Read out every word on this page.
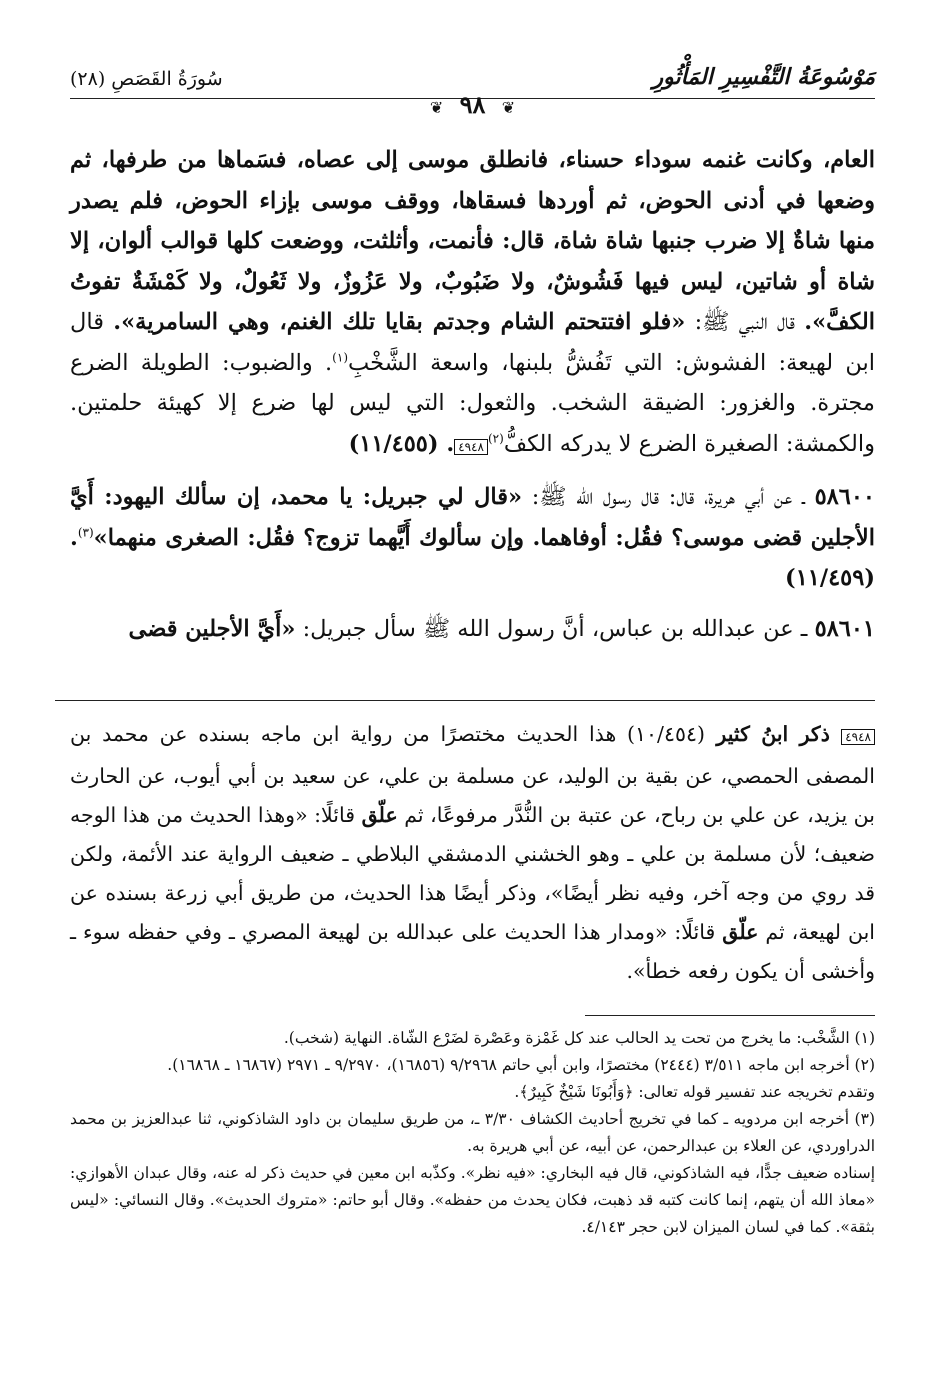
مَوْسُوعَةُ التَّفْسِيرِ المَأْثُورِ
سُورَةُ القَصَصِ (٢٨)
❦ ٩٨ ❦

العام، وكانت غنمه سوداء حسناء، فانطلق موسى إلى عصاه، فسَماها من طرفها، ثم وضعها في أدنى الحوض، ثم أوردها فسقاها، ووقف موسى بإزاء الحوض، فلم يصدر منها شاةٌ إلا ضرب جنبها شاة شاة، قال: فأنمت، وأثلثت، ووضعت كلها قوالب ألوان، إلا شاة أو شاتين، ليس فيها فَشُوشٌ، ولا ضَبُوبٌ، ولا عَزُوزٌ، ولا ثَعُولٌ، ولا كَمْشَةٌ تفوتُ الكفَّ». قال النبي ﷺ: «فلو افتتحتم الشام وجدتم بقايا تلك الغنم، وهي السامرية». قال ابن لهيعة: الفشوش: التي تَفُشُّ بلبنها، واسعة الشَّخْبِ$^{(١)}$. والضبوب: الطويلة الضرع مجترة. والغزور: الضيقة الشخب. والثعول: التي ليس لها ضرع إلا كهيئة حلمتين. والكمشة: الصغيرة الضرع لا يدركه الكفُّ$^{(٢)}$٤٩٤٨. (١١/٤٥٥)

٥٨٦٠٠ ـ عن أبي هريرة، قال: قال رسول الله ﷺ: «قال لي جبريل: يا محمد، إن سألك اليهود: أَيَّ الأجلين قضى موسى؟ فقُل: أوفاهما. وإن سألوك أَيَّهما تزوج؟ فقُل: الصغرى منهما»$^{(٣)}$. (١١/٤٥٩)

٥٨٦٠١ ـ عن عبدالله بن عباس، أنَّ رسول الله ﷺ سأل جبريل: «أَيَّ الأجلين قضى

٤٩٤٨ ذكر ابنُ كثير (١٠/٤٥٤) هذا الحديث مختصرًا من رواية ابن ماجه بسنده عن محمد بن المصفى الحمصي، عن بقية بن الوليد، عن مسلمة بن علي، عن سعيد بن أبي أيوب، عن الحارث بن يزيد، عن علي بن رباح، عن عتبة بن النُّدَّر مرفوعًا، ثم علّق قائلًا: «وهذا الحديث من هذا الوجه ضعيف؛ لأن مسلمة بن علي ـ وهو الخشني الدمشقي البلاطي ـ ضعيف الرواية عند الأئمة، ولكن قد روي من وجه آخر، وفيه نظر أيضًا»، وذكر أيضًا هذا الحديث، من طريق أبي زرعة بسنده عن ابن لهيعة، ثم علّق قائلًا: «ومدار هذا الحديث على عبدالله بن لهيعة المصري ـ وفي حفظه سوء ـ وأخشى أن يكون رفعه خطأ».

(١) الشَّخْب: ما يخرج من تحت يد الحالب عند كل غَمْزة وعَصْرة لضَرْع الشّاة. النهاية (شخب).

(٢) أخرجه ابن ماجه ٣/٥١١ (٢٤٤٤) مختصرًا، وابن أبي حاتم ٩/٢٩٦٨ (١٦٨٥٦)، ٩/٢٩٧٠ ـ ٢٩٧١ (١٦٨٦٧ ـ ١٦٨٦٨).

وتقدم تخريجه عند تفسير قوله تعالى: ﴿وَأَبُونَا شَيْخٌ كَبِيرٌ﴾.

(٣) أخرجه ابن مردويه ـ كما في تخريج أحاديث الكشاف ٣/٣٠ ـ، من طريق سليمان بن داود الشاذكوني، ثنا عبدالعزيز بن محمد الدراوردي، عن العلاء بن عبدالرحمن، عن أبيه، عن أبي هريرة به.

إسناده ضعيف جدًّا، فيه الشاذكوني، قال فيه البخاري: «فيه نظر». وكذّبه ابن معين في حديث ذكر له عنه، وقال عبدان الأهوازي: «معاذ الله أن يتهم، إنما كانت كتبه قد ذهبت، فكان يحدث من حفظه». وقال أبو حاتم: «متروك الحديث». وقال النسائي: «ليس بثقة». كما في لسان الميزان لابن حجر ٤/١٤٣.
